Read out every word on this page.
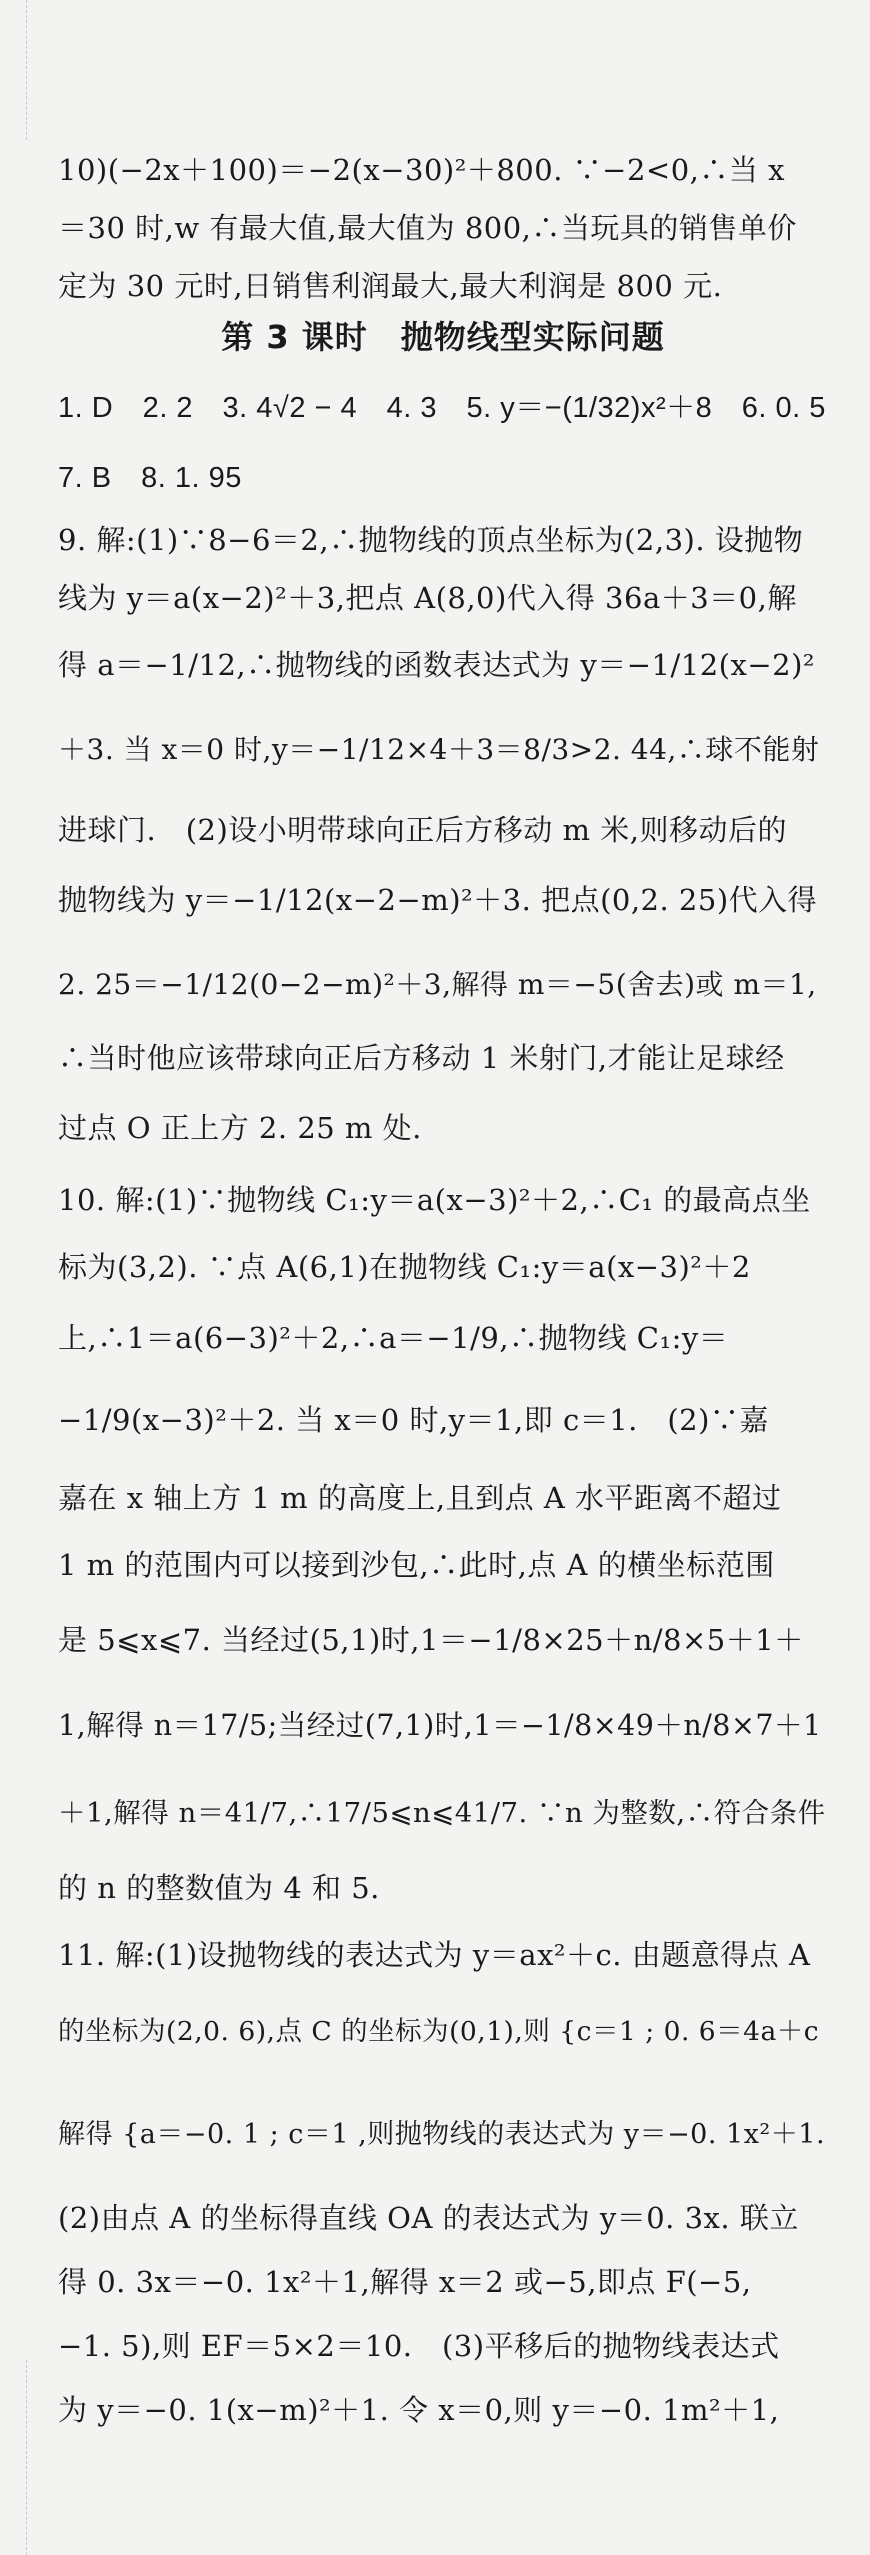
10)(−2x＋100)＝−2(x−30)²＋800. ∵−2<0,∴当 x
＝30 时,w 有最大值,最大值为 800,∴当玩具的销售单价
定为 30 元时,日销售利润最大,最大利润是 800 元.
第 3 课时　抛物线型实际问题
1. D　2. 2　3. 4√2 − 4　4. 3　5. y＝−(1/32)x²＋8　6. 0. 5
7. B　8. 1. 95
9. 解:(1)∵8−6＝2,∴抛物线的顶点坐标为(2,3). 设抛物
线为 y＝a(x−2)²＋3,把点 A(8,0)代入得 36a＋3＝0,解
得 a＝−1/12,∴抛物线的函数表达式为 y＝−1/12(x−2)²
＋3. 当 x＝0 时,y＝−1/12×4＋3＝8/3>2. 44,∴球不能射
进球门.　(2)设小明带球向正后方移动 m 米,则移动后的
抛物线为 y＝−1/12(x−2−m)²＋3. 把点(0,2. 25)代入得
2. 25＝−1/12(0−2−m)²＋3,解得 m＝−5(舍去)或 m＝1,
∴当时他应该带球向正后方移动 1 米射门,才能让足球经
过点 O 正上方 2. 25 m 处.
10. 解:(1)∵抛物线 C₁:y＝a(x−3)²＋2,∴C₁ 的最高点坐
标为(3,2). ∵点 A(6,1)在抛物线 C₁:y＝a(x−3)²＋2
上,∴1＝a(6−3)²＋2,∴a＝−1/9,∴抛物线 C₁:y＝
−1/9(x−3)²＋2. 当 x＝0 时,y＝1,即 c＝1.　(2)∵嘉
嘉在 x 轴上方 1 m 的高度上,且到点 A 水平距离不超过
1 m 的范围内可以接到沙包,∴此时,点 A 的横坐标范围
是 5⩽x⩽7. 当经过(5,1)时,1＝−1/8×25＋n/8×5＋1＋
1,解得 n＝17/5;当经过(7,1)时,1＝−1/8×49＋n/8×7＋1
＋1,解得 n＝41/7,∴17/5⩽n⩽41/7. ∵n 为整数,∴符合条件
的 n 的整数值为 4 和 5.
11. 解:(1)设抛物线的表达式为 y＝ax²＋c. 由题意得点 A
的坐标为(2,0. 6),点 C 的坐标为(0,1),则 {c＝1 ; 0. 6＝4a＋c
解得 {a＝−0. 1 ; c＝1 ,则抛物线的表达式为 y＝−0. 1x²＋1.
(2)由点 A 的坐标得直线 OA 的表达式为 y＝0. 3x. 联立
得 0. 3x＝−0. 1x²＋1,解得 x＝2 或−5,即点 F(−5,
−1. 5),则 EF＝5×2＝10.　(3)平移后的抛物线表达式
为 y＝−0. 1(x−m)²＋1. 令 x＝0,则 y＝−0. 1m²＋1,
